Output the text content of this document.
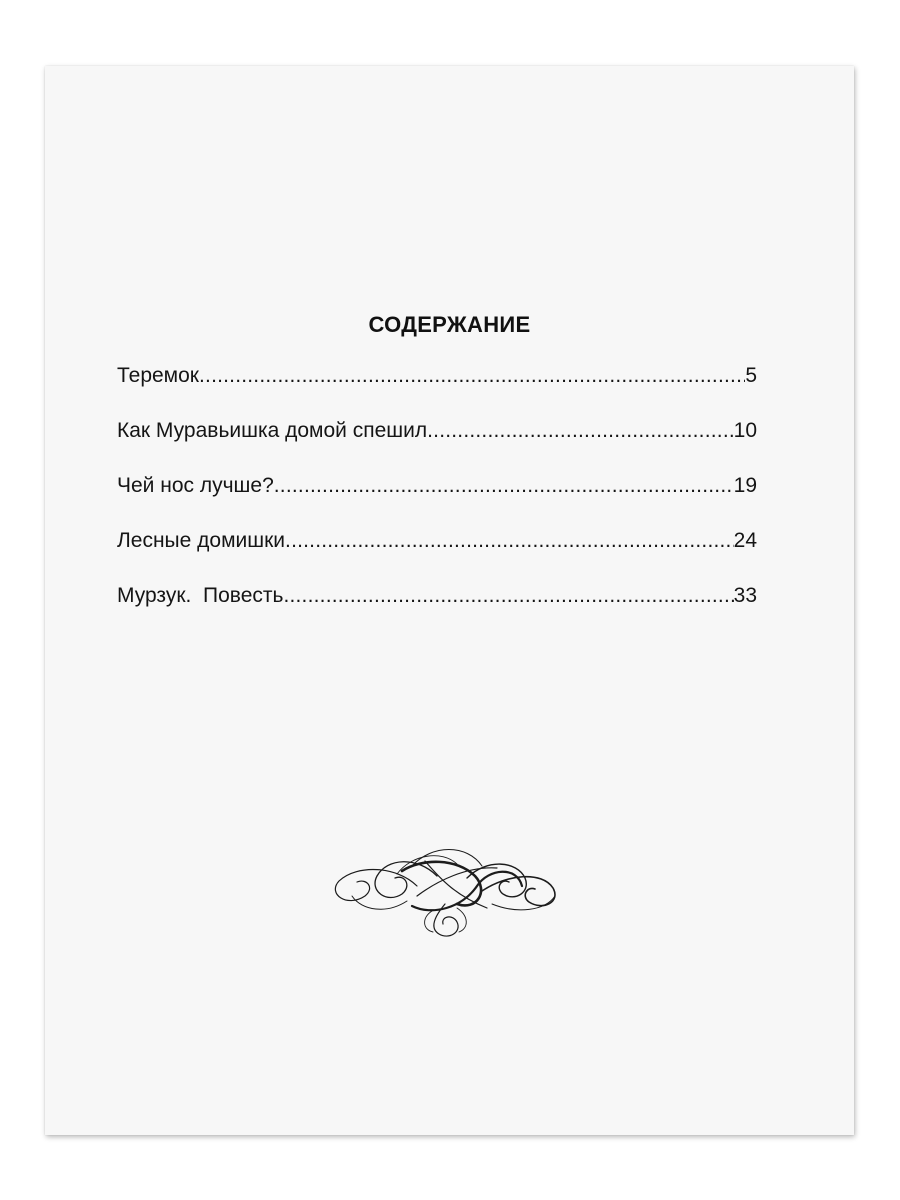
СОДЕРЖАНИЕ
Теремок .....	5
Как Муравьишка домой спешил .....	10
Чей нос лучше? .....	19
Лесные домишки .....	24
Мурзук.  Повесть .....	33
